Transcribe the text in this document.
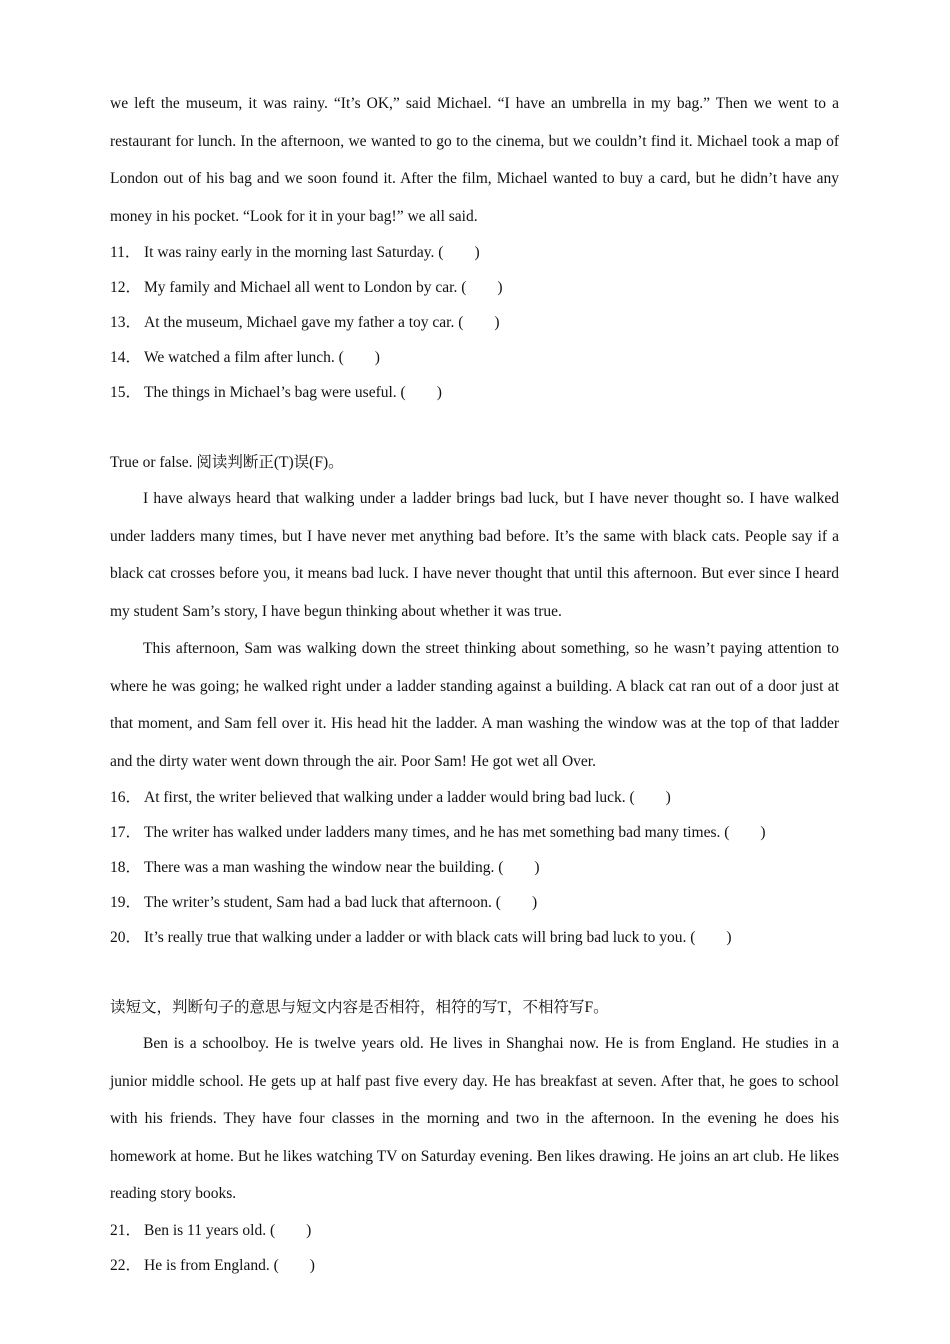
we left the museum, it was rainy. “It’s OK,” said Michael. “I have an umbrella in my bag.” Then we went to a restaurant for lunch. In the afternoon, we wanted to go to the cinema, but we couldn’t find it. Michael took a map of London out of his bag and we soon found it. After the film, Michael wanted to buy a card, but he didn’t have any money in his pocket. “Look for it in your bag!” we all said.

11． It was rainy early in the morning last Saturday. (　　)

12． My family and Michael all went to London by car. (　　)

13． At the museum, Michael gave my father a toy car. (　　)

14． We watched a film after lunch. (　　)

15． The things in Michael’s bag were useful. (　　)

True or false. 阅读判断正(T)误(F)。

I have always heard that walking under a ladder brings bad luck, but I have never thought so. I have walked under ladders many times, but I have never met anything bad before. It’s the same with black cats. People say if a black cat crosses before you, it means bad luck. I have never thought that until this afternoon. But ever since I heard my student Sam’s story, I have begun thinking about whether it was true.

This afternoon, Sam was walking down the street thinking about something, so he wasn’t paying attention to where he was going; he walked right under a ladder standing against a building. A black cat ran out of a door just at that moment, and Sam fell over it. His head hit the ladder. A man washing the window was at the top of that ladder and the dirty water went down through the air. Poor Sam! He got wet all Over.

16． At first, the writer believed that walking under a ladder would bring bad luck. (　　)

17． The writer has walked under ladders many times, and he has met something bad many times. (　　)

18． There was a man washing the window near the building. (　　)

19． The writer’s student, Sam had a bad luck that afternoon. (　　)

20． It’s really true that walking under a ladder or with black cats will bring bad luck to you. (　　)

读短文，判断句子的意思与短文内容是否相符，相符的写T，不相符写F。

Ben is a schoolboy. He is twelve years old. He lives in Shanghai now. He is from England. He studies in a junior middle school. He gets up at half past five every day. He has breakfast at seven. After that, he goes to school with his friends. They have four classes in the morning and two in the afternoon. In the evening he does his homework at home. But he likes watching TV on Saturday evening. Ben likes drawing. He joins an art club. He likes reading story books.

21． Ben is 11 years old. (　　)

22． He is from England. (　　)
